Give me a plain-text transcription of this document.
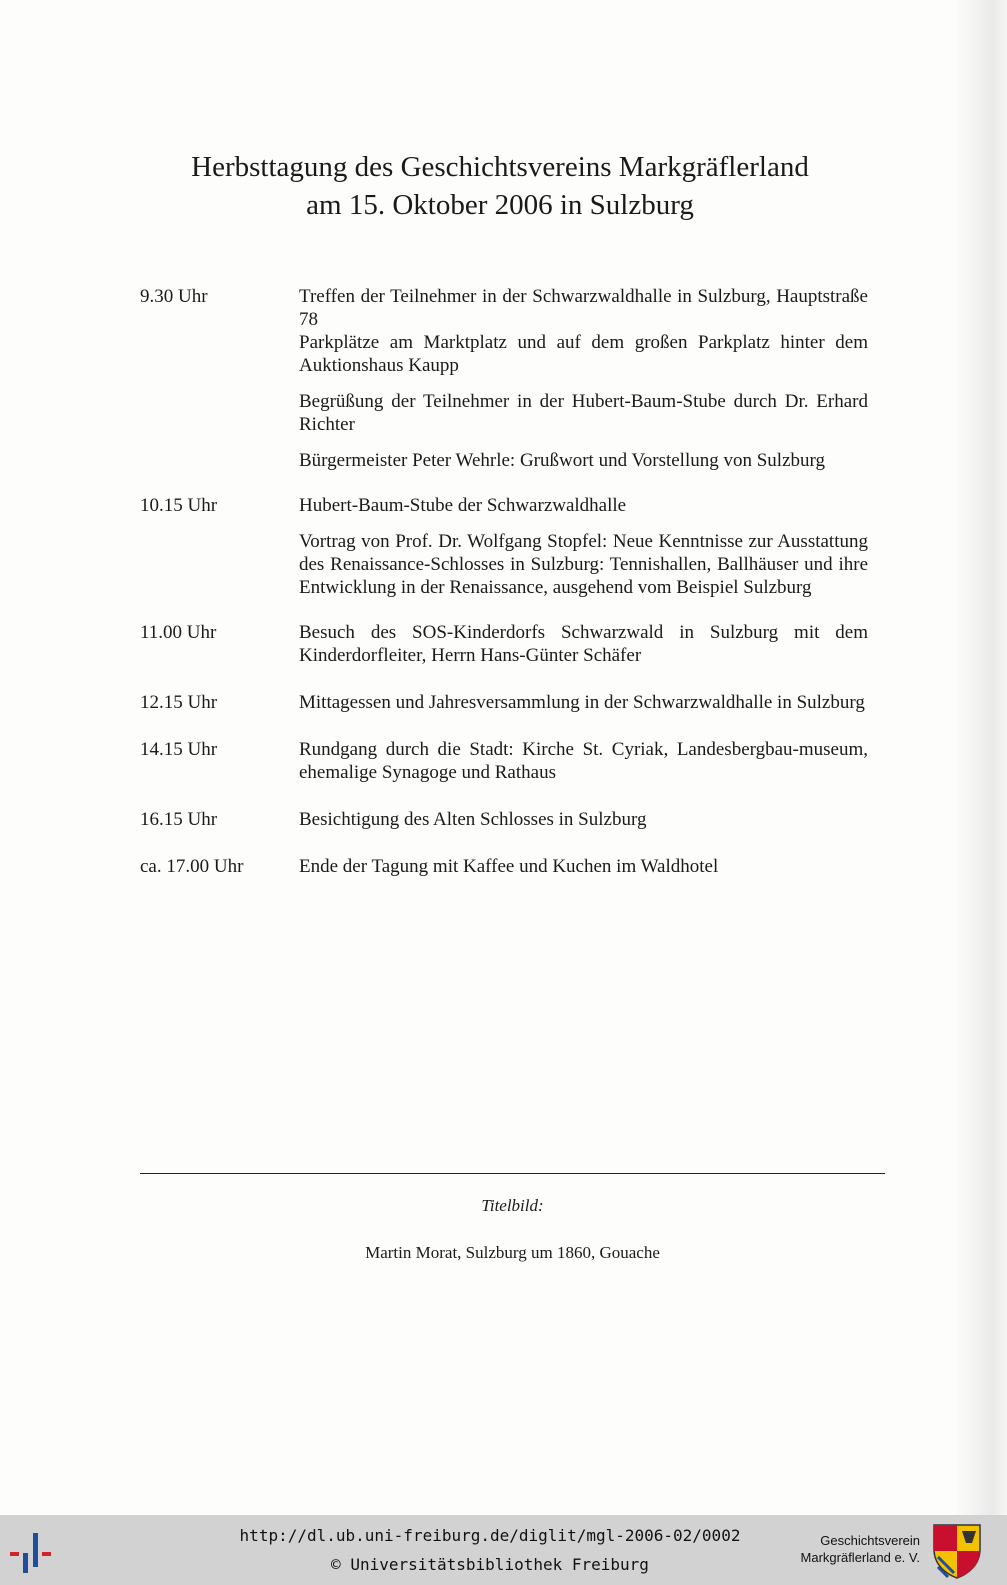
Herbsttagung des Geschichtsvereins Markgräflerland
am 15. Oktober 2006 in Sulzburg
9.30 Uhr	Treffen der Teilnehmer in der Schwarzwaldhalle in Sulzburg, Hauptstraße 78

Parkplätze am Marktplatz und auf dem großen Parkplatz hinter dem Auktionshaus Kaupp

Begrüßung der Teilnehmer in der Hubert-Baum-Stube durch Dr. Erhard Richter

Bürgermeister Peter Wehrle: Grußwort und Vorstellung von Sulzburg

10.15 Uhr	Hubert-Baum-Stube der Schwarzwaldhalle

Vortrag von Prof. Dr. Wolfgang Stopfel: Neue Kenntnisse zur Ausstattung des Renaissance-Schlosses in Sulzburg: Tennishallen, Ballhäuser und ihre Entwicklung in der Renaissance, ausgehend vom Beispiel Sulzburg

11.00 Uhr	Besuch des SOS-Kinderdorfs Schwarzwald in Sulzburg mit dem Kinderdorfleiter, Herrn Hans-Günter Schäfer

12.15 Uhr	Mittagessen und Jahresversammlung in der Schwarzwaldhalle in Sulzburg

14.15 Uhr	Rundgang durch die Stadt: Kirche St. Cyriak, Landesbergbau-museum, ehemalige Synagoge und Rathaus

16.15 Uhr	Besichtigung des Alten Schlosses in Sulzburg

ca. 17.00 Uhr	Ende der Tagung mit Kaffee und Kuchen im Waldhotel

Titelbild:
Martin Morat, Sulzburg um 1860, Gouache
http://dl.ub.uni-freiburg.de/diglit/mgl-2006-02/0002
© Universitätsbibliothek Freiburg
Geschichtsverein
Markgräflerland e. V.
